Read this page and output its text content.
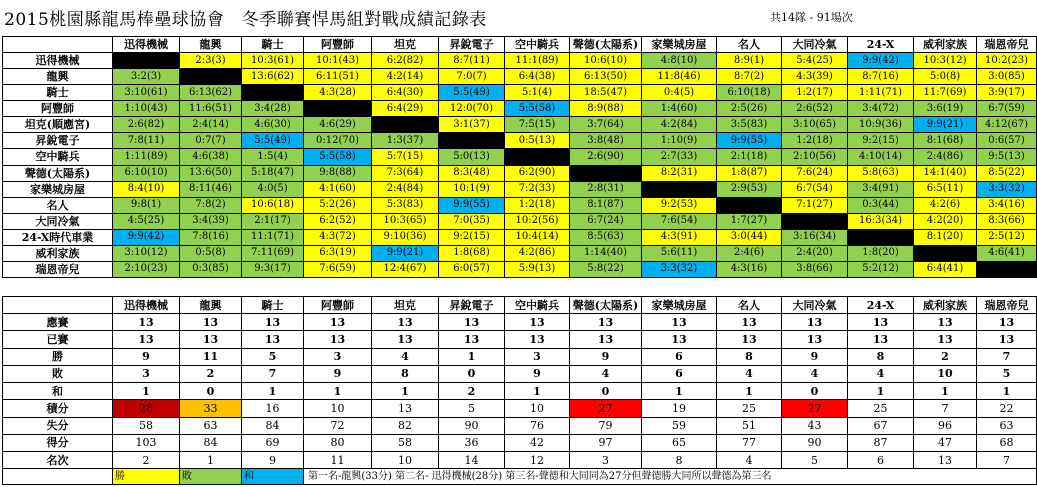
2015桃園縣龍馬棒壘球協會　冬季聯賽悍馬組對戰成績記錄表	共14隊 - 91場次
	迅得機械	龍興	騎士	阿豐師	坦克	昇銳電子	空中騎兵	聲德(太陽系)	家樂城房屋	名人	大同冷氣	24-X	威利家族	瑞恩帝兒
迅得機械		2:3(3)	10:3(61)	10:1(43)	6:2(82)	8:7(11)	11:1(89)	10:6(10)	4:8(10)	8:9(1)	5:4(25)	9:9(42)	10:3(12)	10:2(23)
龍興	3:2(3)		13:6(62)	6:11(51)	4:2(14)	7:0(7)	6:4(38)	6:13(50)	11:8(46)	8:7(2)	4:3(39)	8:7(16)	5:0(8)	3:0(85)
騎士	3:10(61)	6:13(62)		4:3(28)	6:4(30)	5:5(49)	5:1(4)	18:5(47)	0:4(5)	6:10(18)	1:2(17)	1:11(71)	11:7(69)	3:9(17)
阿豐師	1:10(43)	11:6(51)	3:4(28)		6:4(29)	12:0(70)	5:5(58)	8:9(88)	1:4(60)	2:5(26)	2:6(52)	3:4(72)	3:6(19)	6:7(59)
坦克(順應宮)	2:6(82)	2:4(14)	4:6(30)	4:6(29)		3:1(37)	7:5(15)	3:7(64)	4:2(84)	3:5(83)	3:10(65)	10:9(36)	9:9(21)	4:12(67)
昇銳電子	7:8(11)	0:7(7)	5:5(49)	0:12(70)	1:3(37)		0:5(13)	3:8(48)	1:10(9)	9:9(55)	1:2(18)	9:2(15)	8:1(68)	0:6(57)
空中騎兵	1:11(89)	4:6(38)	1:5(4)	5:5(58)	5:7(15)	5:0(13)		2:6(90)	2:7(33)	2:1(18)	2:10(56)	4:10(14)	2:4(86)	9:5(13)
聲德(太陽系)	6:10(10)	13:6(50)	5:18(47)	9:8(88)	7:3(64)	8:3(48)	6:2(90)		8:2(31)	1:8(87)	7:6(24)	5:8(63)	14:1(40)	8:5(22)
家樂城房屋	8:4(10)	8:11(46)	4:0(5)	4:1(60)	2:4(84)	10:1(9)	7:2(33)	2:8(31)		2:9(53)	6:7(54)	3:4(91)	6:5(11)	3:3(32)
名人	9:8(1)	7:8(2)	10:6(18)	5:2(26)	5:3(83)	9:9(55)	1:2(18)	8:1(87)	9:2(53)		7:1(27)	0:3(44)	4:2(6)	3:4(16)
大同冷氣	4:5(25)	3:4(39)	2:1(17)	6:2(52)	10:3(65)	7:0(35)	10:2(56)	6:7(24)	7:6(54)	1:7(27)		16:3(34)	4:2(20)	8:3(66)
24-X時代車業	9:9(42)	7:8(16)	11:1(71)	4:3(72)	9:10(36)	9:2(15)	10:4(14)	8:5(63)	4:3(91)	3:0(44)	3:16(34)		8:1(20)	2:5(12)
威利家族	3:10(12)	0:5(8)	7:11(69)	6:3(19)	9:9(21)	1:8(68)	4:2(86)	1:14(40)	5:6(11)	2:4(6)	2:4(20)	1:8(20)		4:6(41)
瑞恩帝兒	2:10(23)	0:3(85)	9:3(17)	7:6(59)	12:4(67)	6:0(57)	5:9(13)	5:8(22)	3:3(32)	4:3(16)	3:8(66)	5:2(12)	6:4(41)	
	迅得機械	龍興	騎士	阿豐師	坦克	昇銳電子	空中騎兵	聲德(太陽系)	家樂城房屋	名人	大同冷氣	24-X	威利家族	瑞恩帝兒
應賽	13	13	13	13	13	13	13	13	13	13	13	13	13	13
已賽	13	13	13	13	13	13	13	13	13	13	13	13	13	13
勝	9	11	5	3	4	1	3	9	6	8	9	8	2	7
敗	3	2	7	9	8	0	9	4	6	4	4	4	10	5
和	1	0	1	1	1	2	1	0	1	1	0	1	1	1
積分	28	33	16	10	13	5	10	27	19	25	27	25	7	22
失分	58	63	84	72	82	90	76	79	59	51	43	67	96	63
得分	103	84	69	80	58	36	42	97	65	77	90	87	47	68
名次	2	1	9	11	10	14	12	3	8	4	5	6	13	7
	勝	敗	和	第一名-龍興(33分) 第二名- 迅得機械(28分) 第三名-聲德和大同同為27分但聲德勝大同所以聲德為第三名										
